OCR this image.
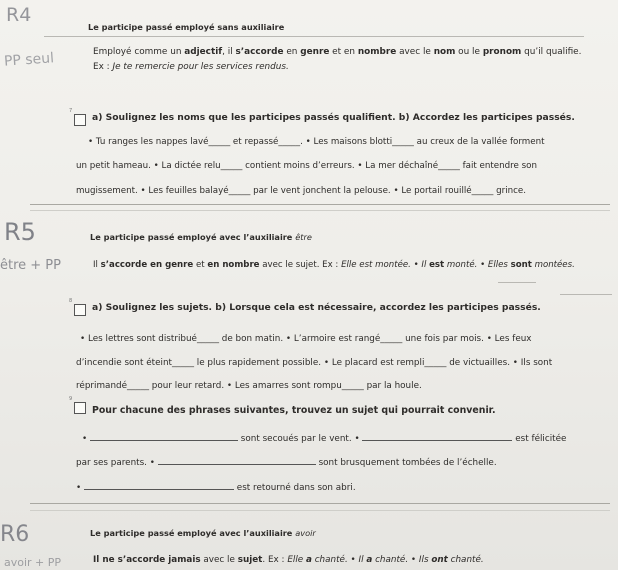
R4
PP seul
R5
être + PP
R6
avoir + PP
Le participe passé employé sans auxiliaire
Employé comme un adjectif, il s’accorde en genre et en nombre avec le nom ou le pronom qu’il qualifie.
Ex : Je te remercie pour les services rendus.
7
a) Soulignez les noms que les participes passés qualifient. b) Accordez les participes passés.
• Tu ranges les nappes lavé_____ et repassé_____. • Les maisons blotti_____ au creux de la vallée forment
un petit hameau. • La dictée relu_____ contient moins d’erreurs. • La mer déchaîné_____ fait entendre son
mugissement. • Les feuilles balayé_____ par le vent jonchent la pelouse. • Le portail rouillé_____ grince.
Le participe passé employé avec l’auxiliaire être
Il s’accorde en genre et en nombre avec le sujet. Ex : Elle est montée. • Il est monté. • Elles sont montées.
8
a) Soulignez les sujets. b) Lorsque cela est nécessaire, accordez les participes passés.
• Les lettres sont distribué_____ de bon matin. • L’armoire est rangé_____ une fois par mois. • Les feux
d’incendie sont éteint_____ le plus rapidement possible. • Le placard est rempli_____ de victuailles. • Ils sont
réprimandé_____ pour leur retard. • Les amarres sont rompu_____ par la houle.
9
Pour chacune des phrases suivantes, trouvez un sujet qui pourrait convenir.
•	sont secoués par le vent. •	est félicitée
par ses parents. •	sont brusquement tombées de l’échelle.
•	est retourné dans son abri.
Le participe passé employé avec l’auxiliaire avoir
Il ne s’accorde jamais avec le sujet. Ex : Elle a chanté. • Il a chanté. • Ils ont chanté.
